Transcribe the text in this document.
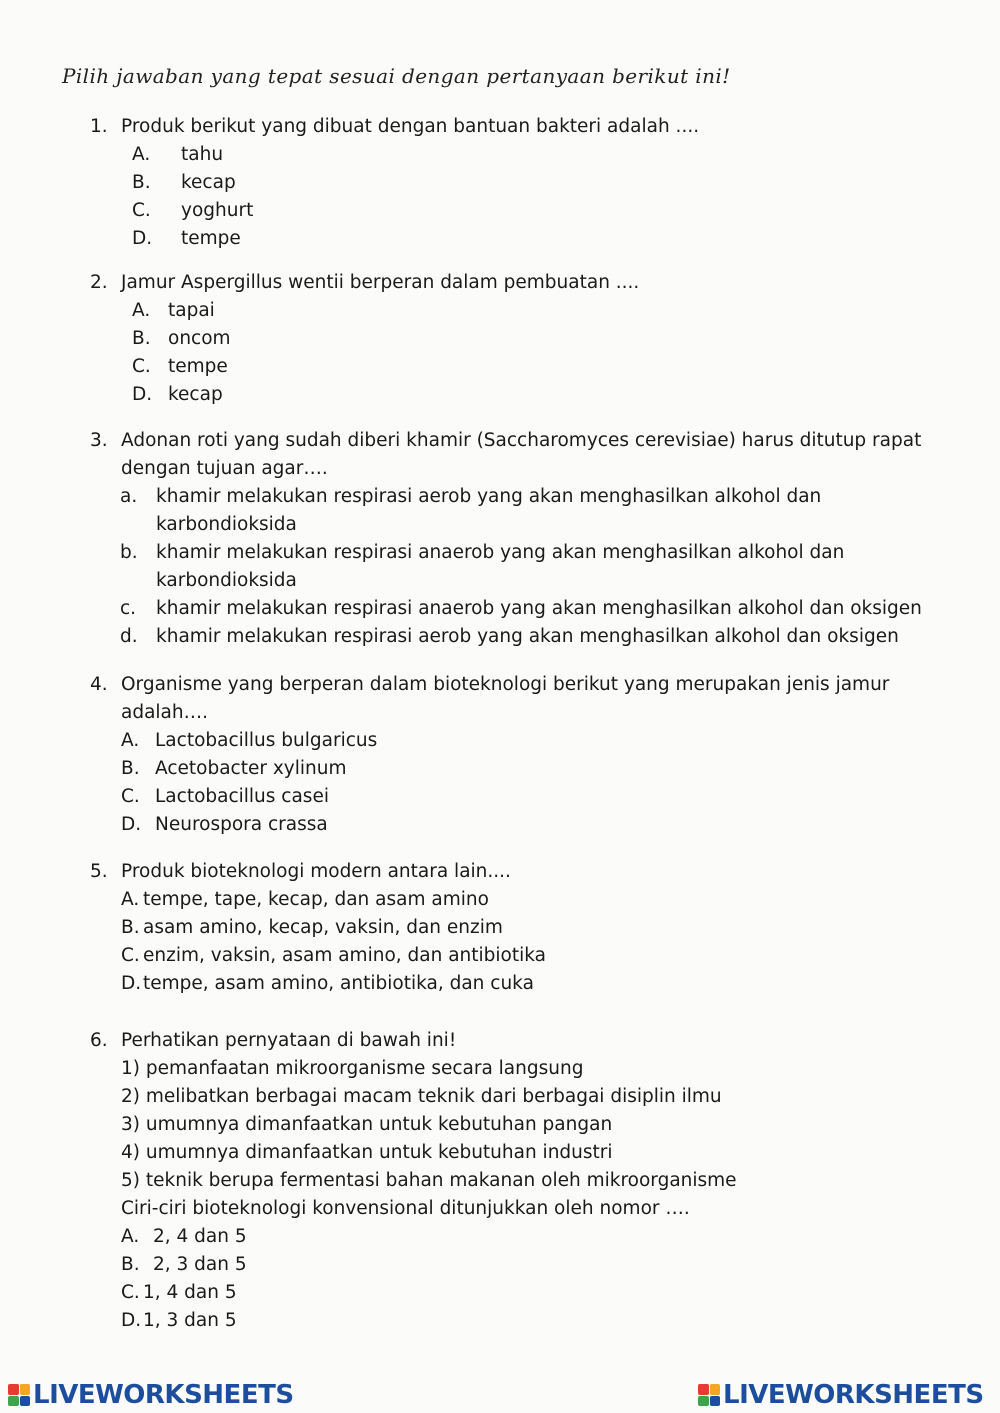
Pilih jawaban yang tepat sesuai dengan pertanyaan berikut ini!
1. Produk berikut yang dibuat dengan bantuan bakteri adalah ....
A. tahu
B. kecap
C. yoghurt
D. tempe
2. Jamur Aspergillus wentii berperan dalam pembuatan ....
A. tapai
B. oncom
C. tempe
D. kecap
3. Adonan roti yang sudah diberi khamir (Saccharomyces cerevisiae) harus ditutup rapat
dengan tujuan agar….
a. khamir melakukan respirasi aerob yang akan menghasilkan alkohol dan
karbondioksida
b. khamir melakukan respirasi anaerob yang akan menghasilkan alkohol dan
karbondioksida
c. khamir melakukan respirasi anaerob yang akan menghasilkan alkohol dan oksigen
d. khamir melakukan respirasi aerob yang akan menghasilkan alkohol dan oksigen
4. Organisme yang berperan dalam bioteknologi berikut yang merupakan jenis jamur
adalah….
A. Lactobacillus bulgaricus
B. Acetobacter xylinum
C. Lactobacillus casei
D. Neurospora crassa
5. Produk bioteknologi modern antara lain....
A. tempe, tape, kecap, dan asam amino
B. asam amino, kecap, vaksin, dan enzim
C. enzim, vaksin, asam amino, dan antibiotika
D. tempe, asam amino, antibiotika, dan cuka
6. Perhatikan pernyataan di bawah ini!
1) pemanfaatan mikroorganisme secara langsung
2) melibatkan berbagai macam teknik dari berbagai disiplin ilmu
3) umumnya dimanfaatkan untuk kebutuhan pangan
4) umumnya dimanfaatkan untuk kebutuhan industri
5) teknik berupa fermentasi bahan makanan oleh mikroorganisme
Ciri-ciri bioteknologi konvensional ditunjukkan oleh nomor ….
A. 2, 4 dan 5
B. 2, 3 dan 5
C. 1, 4 dan 5
D. 1, 3 dan 5
LIVEWORKSHEETS	LIVEWORKSHEETS
